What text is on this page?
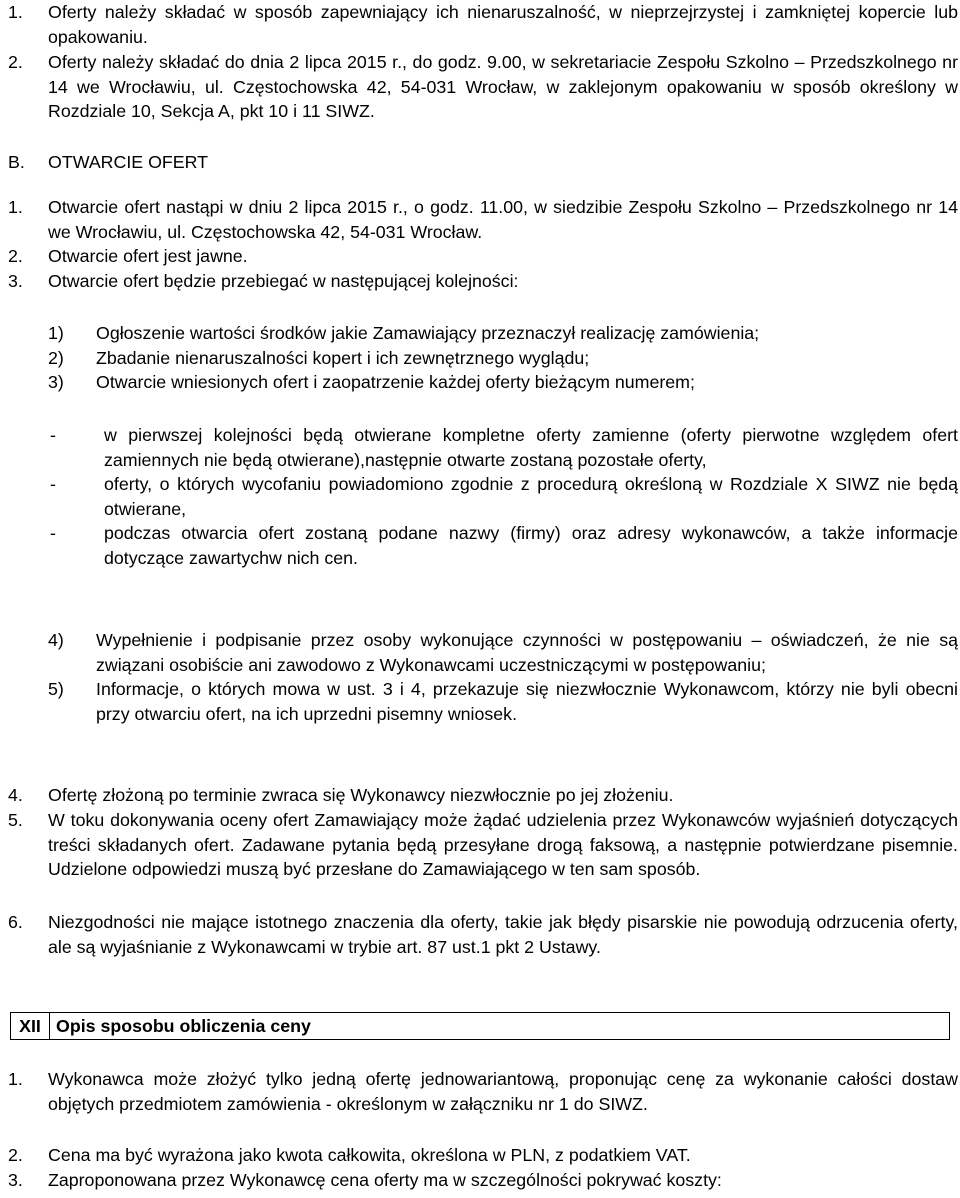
1. Oferty należy składać w sposób zapewniający ich nienaruszalność, w nieprzejrzystej i zamkniętej kopercie lub opakowaniu.
2. Oferty należy składać do dnia 2 lipca 2015 r., do godz. 9.00, w sekretariacie Zespołu Szkolno – Przedszkolnego nr 14 we Wrocławiu, ul. Częstochowska 42, 54-031 Wrocław, w zaklejonym opakowaniu w sposób określony w Rozdziale 10, Sekcja A, pkt 10 i 11 SIWZ.
B. OTWARCIE OFERT
1. Otwarcie ofert nastąpi w dniu 2 lipca 2015 r., o godz. 11.00, w siedzibie Zespołu Szkolno – Przedszkolnego nr 14 we Wrocławiu, ul. Częstochowska 42, 54-031 Wrocław.
2. Otwarcie ofert jest jawne.
3. Otwarcie ofert będzie przebiegać w następującej kolejności:
1) Ogłoszenie wartości środków jakie Zamawiający przeznaczył realizację zamówienia;
2) Zbadanie nienaruszalności kopert i ich zewnętrznego wyglądu;
3) Otwarcie wniesionych ofert i zaopatrzenie każdej oferty bieżącym numerem;
-	w pierwszej kolejności będą otwierane kompletne oferty zamienne (oferty pierwotne względem ofert zamiennych nie będą otwierane),następnie otwarte zostaną pozostałe oferty,
-	oferty, o których wycofaniu powiadomiono zgodnie z procedurą określoną w Rozdziale X SIWZ nie będą otwierane,
-	podczas otwarcia ofert zostaną podane nazwy (firmy) oraz adresy wykonawców, a także informacje dotyczące zawartychw nich cen.
4) Wypełnienie i podpisanie przez osoby wykonujące czynności w postępowaniu – oświadczeń, że nie są związani osobiście ani zawodowo z Wykonawcami uczestniczącymi w postępowaniu;
5) Informacje, o których mowa w ust. 3 i 4, przekazuje się niezwłocznie Wykonawcom, którzy nie byli obecni przy otwarciu ofert, na ich uprzedni pisemny wniosek.
4. Ofertę złożoną po terminie zwraca się Wykonawcy niezwłocznie po jej złożeniu.
5. W toku dokonywania oceny ofert Zamawiający może żądać udzielenia przez Wykonawców wyjaśnień dotyczących treści składanych ofert. Zadawane pytania będą przesyłane drogą faksową, a następnie potwierdzane pisemnie. Udzielone odpowiedzi muszą być przesłane do Zamawiającego w ten sam sposób.
6. Niezgodności nie mające istotnego znaczenia dla oferty, takie jak błędy pisarskie nie powodują odrzucenia oferty, ale są wyjaśnianie z Wykonawcami w trybie art. 87 ust.1 pkt 2 Ustawy.
XII Opis sposobu obliczenia ceny
1. Wykonawca może złożyć tylko jedną ofertę jednowariantową, proponując cenę za wykonanie całości dostaw objętych przedmiotem zamówienia - określonym w załączniku nr 1 do SIWZ.
2. Cena ma być wyrażona jako kwota całkowita, określona w PLN, z podatkiem VAT.
3. Zaproponowana przez Wykonawcę cena oferty ma w szczególności pokrywać koszty:
